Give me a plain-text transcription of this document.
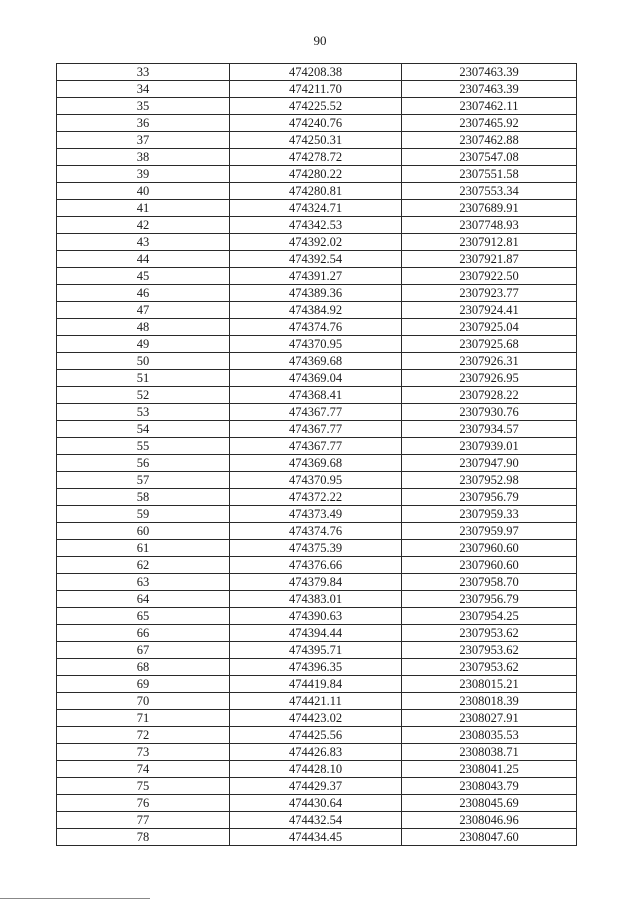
90
33	474208.38	2307463.39
34	474211.70	2307463.39
35	474225.52	2307462.11
36	474240.76	2307465.92
37	474250.31	2307462.88
38	474278.72	2307547.08
39	474280.22	2307551.58
40	474280.81	2307553.34
41	474324.71	2307689.91
42	474342.53	2307748.93
43	474392.02	2307912.81
44	474392.54	2307921.87
45	474391.27	2307922.50
46	474389.36	2307923.77
47	474384.92	2307924.41
48	474374.76	2307925.04
49	474370.95	2307925.68
50	474369.68	2307926.31
51	474369.04	2307926.95
52	474368.41	2307928.22
53	474367.77	2307930.76
54	474367.77	2307934.57
55	474367.77	2307939.01
56	474369.68	2307947.90
57	474370.95	2307952.98
58	474372.22	2307956.79
59	474373.49	2307959.33
60	474374.76	2307959.97
61	474375.39	2307960.60
62	474376.66	2307960.60
63	474379.84	2307958.70
64	474383.01	2307956.79
65	474390.63	2307954.25
66	474394.44	2307953.62
67	474395.71	2307953.62
68	474396.35	2307953.62
69	474419.84	2308015.21
70	474421.11	2308018.39
71	474423.02	2308027.91
72	474425.56	2308035.53
73	474426.83	2308038.71
74	474428.10	2308041.25
75	474429.37	2308043.79
76	474430.64	2308045.69
77	474432.54	2308046.96
78	474434.45	2308047.60
